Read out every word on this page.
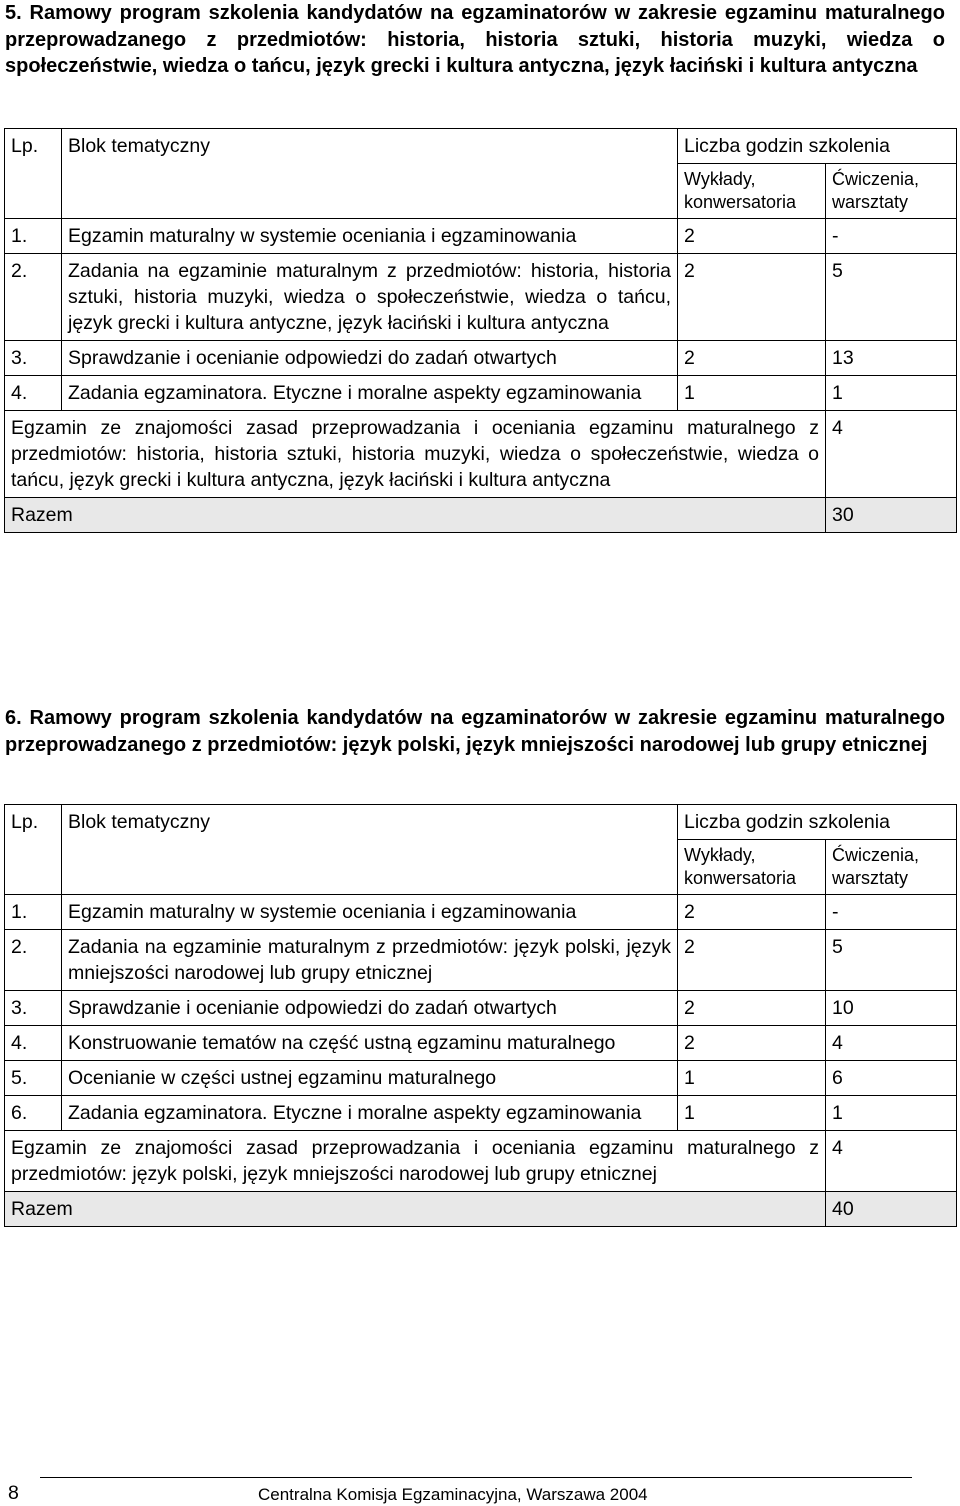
5. Ramowy program szkolenia kandydatów na egzaminatorów w zakresie egzaminu maturalnego przeprowadzanego z przedmiotów: historia, historia sztuki, historia muzyki, wiedza o społeczeństwie, wiedza o tańcu, język grecki i kultura antyczna, język łaciński i kultura antyczna
Lp.	Blok tematyczny	Liczba godzin szkolenia	
		Wykłady, konwersatoria	Ćwiczenia, warsztaty
1.	Egzamin maturalny w systemie oceniania i egzaminowania	2	-
2.	Zadania na egzaminie maturalnym z przedmiotów: historia, historia sztuki, historia muzyki, wiedza o społeczeństwie, wiedza o tańcu, język grecki i kultura antyczne, język łaciński i kultura antyczna	2	5
3.	Sprawdzanie i ocenianie odpowiedzi do zadań otwartych	2	13
4.	Zadania egzaminatora. Etyczne i moralne aspekty egzaminowania	1	1
Egzamin ze znajomości zasad przeprowadzania i oceniania egzaminu maturalnego z przedmiotów: historia, historia sztuki, historia muzyki, wiedza o społeczeństwie, wiedza o tańcu, język grecki i kultura antyczna, język łaciński i kultura antyczna			4
Razem			30
6. Ramowy program szkolenia kandydatów na egzaminatorów w zakresie egzaminu maturalnego przeprowadzanego z przedmiotów: język polski, język mniejszości narodowej lub grupy etnicznej
Lp.	Blok tematyczny	Liczba godzin szkolenia	
		Wykłady, konwersatoria	Ćwiczenia, warsztaty
1.	Egzamin maturalny w systemie oceniania i egzaminowania	2	-
2.	Zadania na egzaminie maturalnym z przedmiotów: język polski, język mniejszości narodowej lub grupy etnicznej	2	5
3.	Sprawdzanie i ocenianie odpowiedzi do zadań otwartych	2	10
4.	Konstruowanie tematów na część ustną egzaminu maturalnego	2	4
5.	Ocenianie w części ustnej egzaminu maturalnego	1	6
6.	Zadania egzaminatora. Etyczne i moralne aspekty egzaminowania	1	1
Egzamin ze znajomości zasad przeprowadzania i oceniania egzaminu maturalnego z przedmiotów: język polski, język mniejszości narodowej lub grupy etnicznej			4
Razem			40
8	Centralna Komisja Egzaminacyjna, Warszawa 2004
